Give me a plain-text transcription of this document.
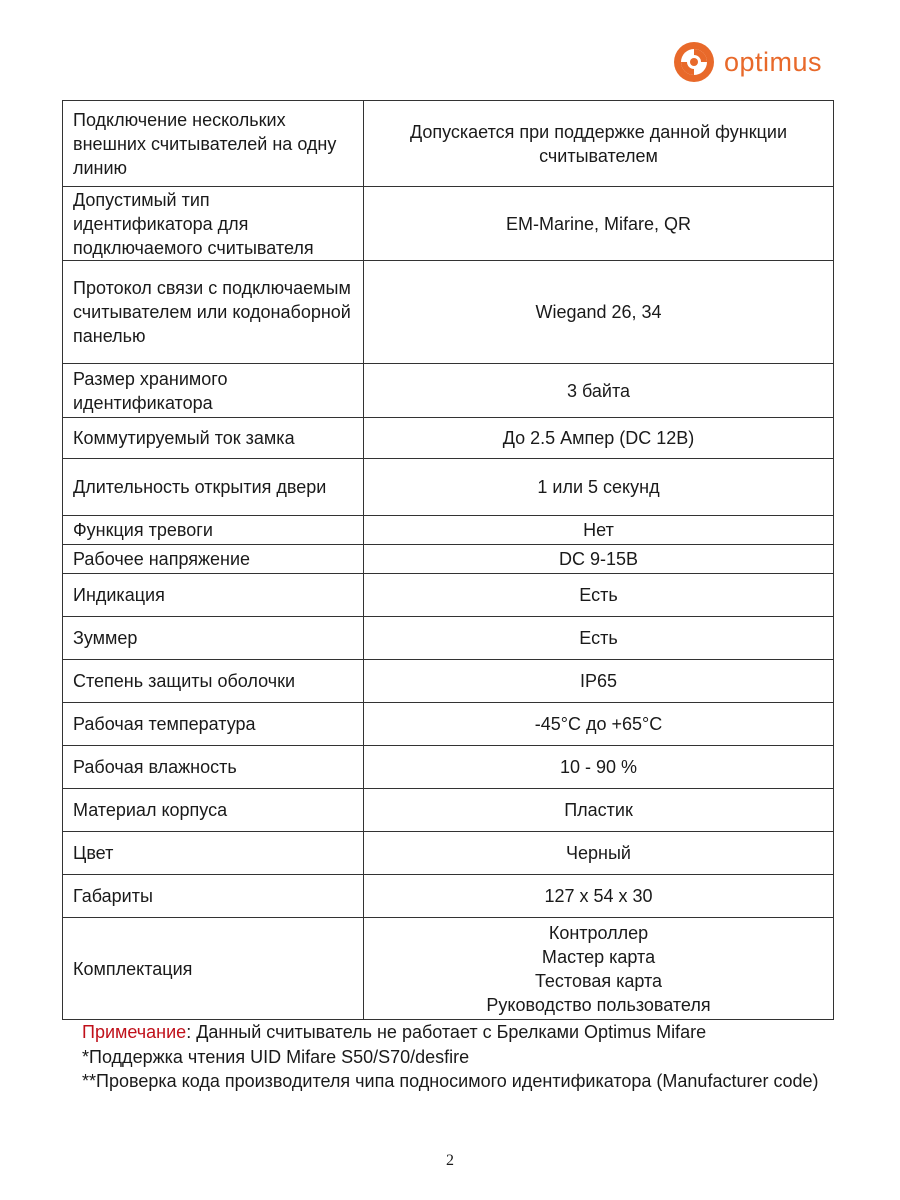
optimus
Подключение нескольких внешних считывателей на одну линию	Допускается при поддержке данной функции считывателем
Допустимый тип идентификатора для подключаемого считывателя	EM-Marine, Mifare, QR
Протокол связи с подключаемым считывателем или кодонаборной панелью	Wiegand 26, 34
Размер хранимого идентификатора	3 байта
Коммутируемый ток замка	До 2.5 Ампер (DC 12В)
Длительность открытия двери	1 или 5 секунд
Функция тревоги	Нет
Рабочее напряжение	DC 9-15В
Индикация	Есть
Зуммер	Есть
Степень защиты оболочки	IP65
Рабочая температура	-45°C до +65°C
Рабочая влажность	10 - 90 %
Материал корпуса	Пластик
Цвет	Черный
Габариты	127 x 54 x 30
Комплектация	Контроллер
Мастер карта
Тестовая карта
Руководство пользователя
Примечание: Данный считыватель не работает с Брелками Optimus Mifare
*Поддержка чтения UID Mifare S50/S70/desfire
**Проверка кода производителя чипа подносимого идентификатора (Manufacturer code)
2
